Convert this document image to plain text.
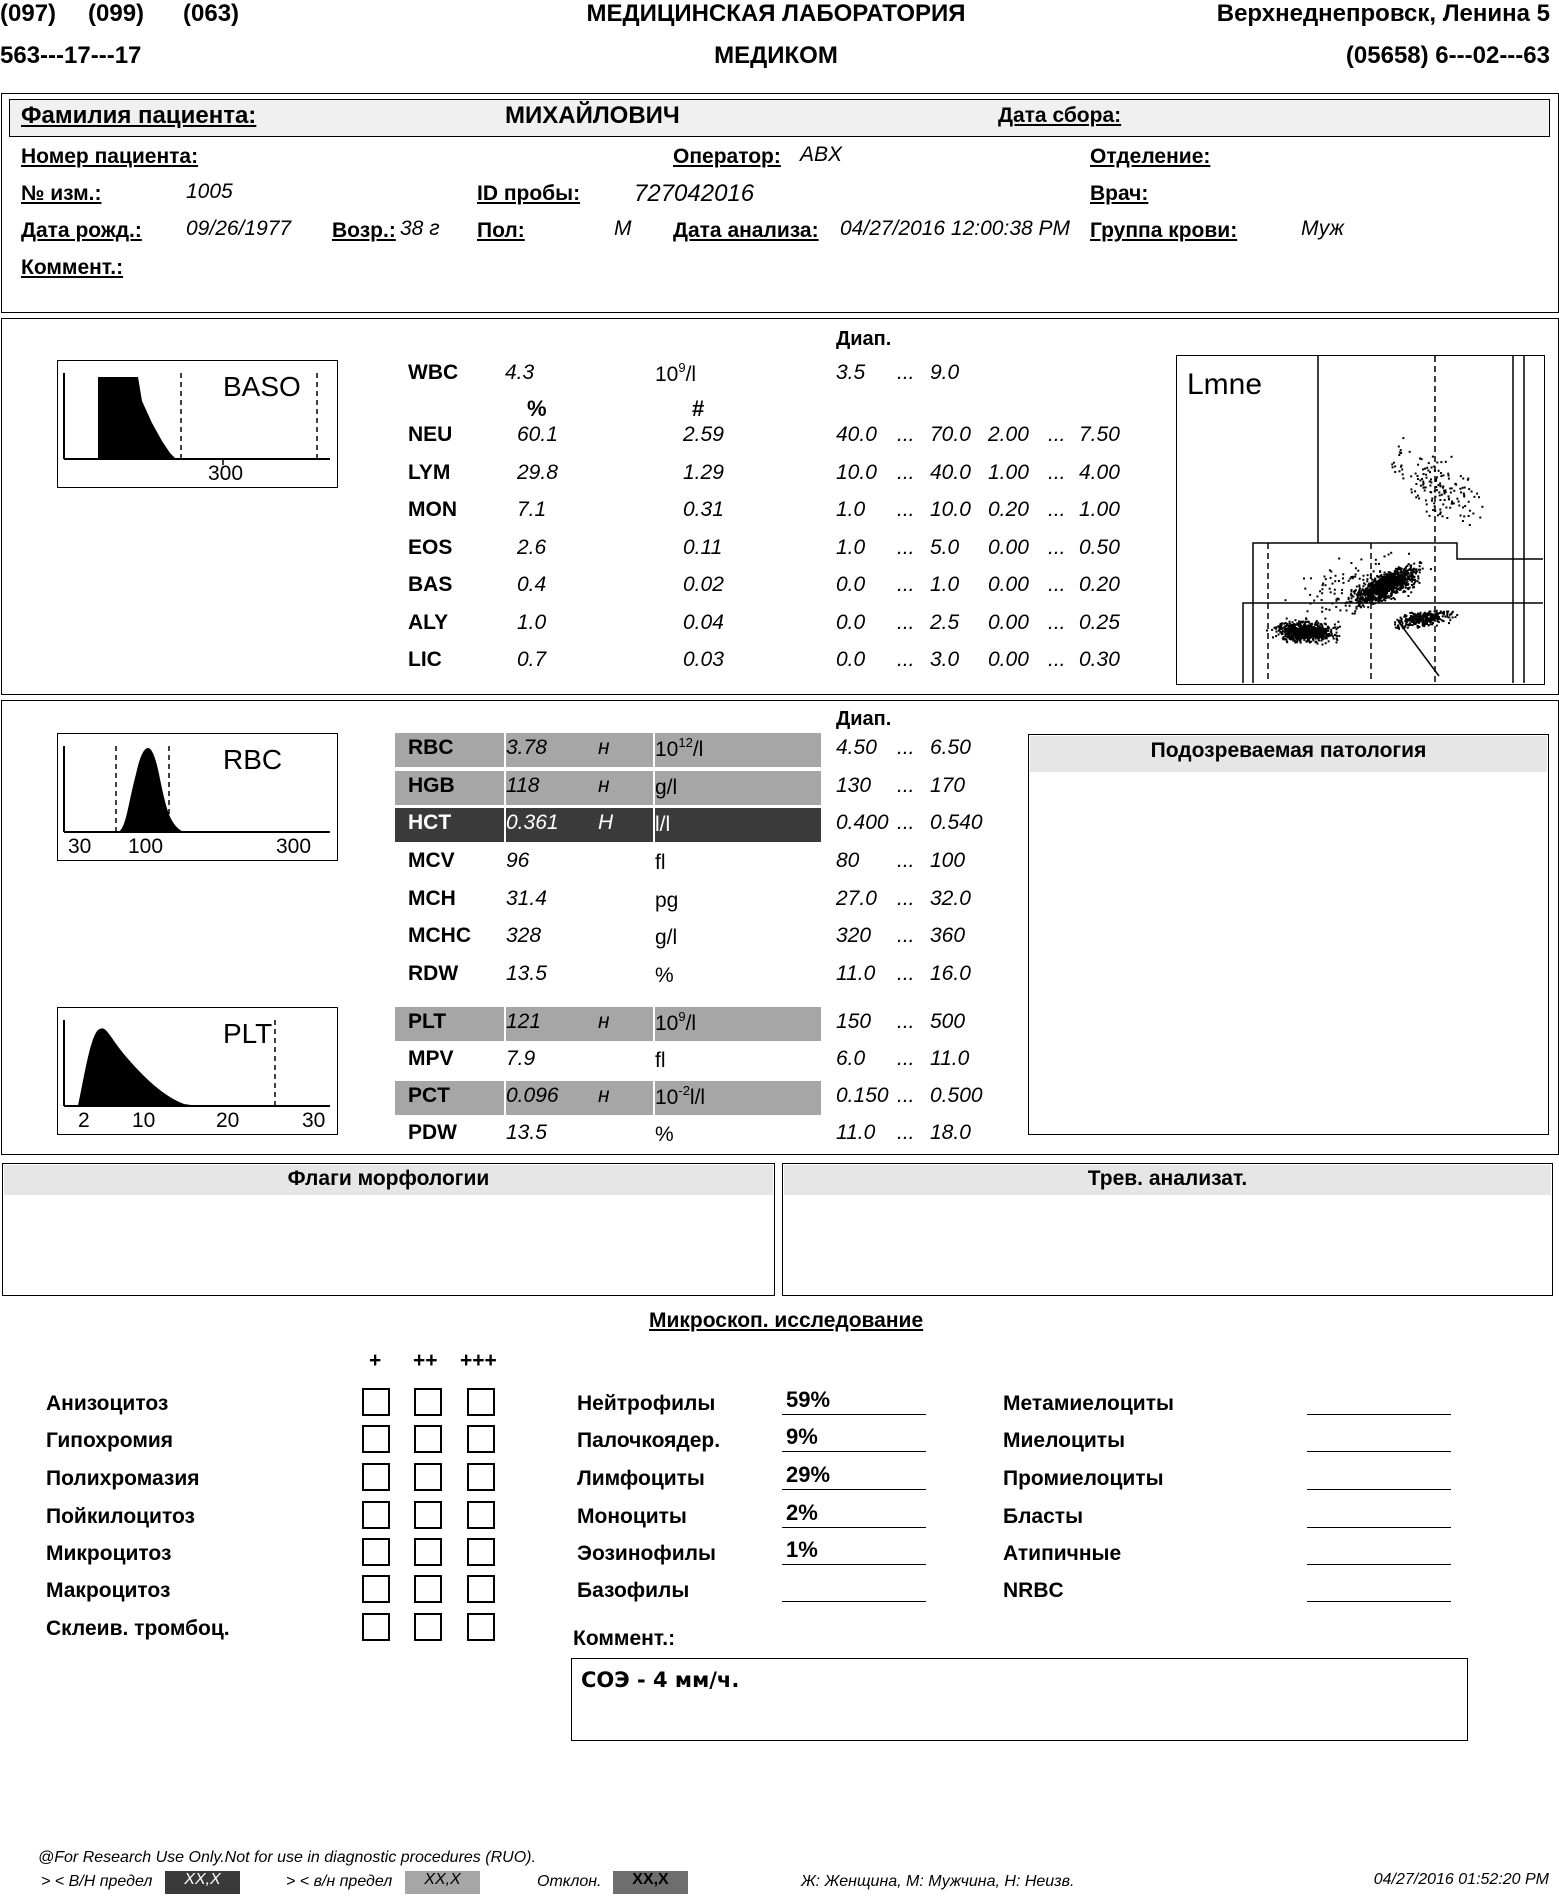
(097) (099) (063)
563---17---17
МЕДИЦИНСКАЯ ЛАБОРАТОРИЯ
МЕДИКОМ
Верхнеднепровск, Ленина 5
(05658) 6---02---63
Фамилия пациента:	МИХАЙЛОВИЧ	Дата сбора:
Номер пациента:	Оператор: ABX	Отделение:
№ изм.:	1005	ID пробы: 727042016	Врач:
Дата рожд.: 09/26/1977 Возр.: 38 г Пол:	М Дата анализа: 04/27/2016 12:00:38 PM Группа крови:	Муж
Коммент.:
Диап.
BASO
300
WBC 4.3	$10^9/l$	3.5 ... 9.0
%	#
NEU	60.1	2.59	40.0 ... 70.0 2.00 ... 7.50
LYM	29.8	1.29	10.0 ... 40.0 1.00 ... 4.00
MON	7.1	0.31	1.0 ... 10.0 0.20 ... 1.00
EOS	2.6	0.11	1.0 ... 5.0 0.00 ... 0.50
BAS	0.4	0.02	0.0 ... 1.0 0.00 ... 0.20
ALY	1.0	0.04	0.0 ... 2.5 0.00 ... 0.25
LIC	0.7	0.03	0.0 ... 3.0 0.00 ... 0.30
Lmne
Диап.
RBC
30 100	300
PLT
2 10	20	30
RBC	3.78 н $10^{12}/l$	4.50 ... 6.50
HGB 118	н g/l	130 ... 170
HCT	0.361 Н l/l	0.400 ... 0.540
MCV 96	fl	80 ... 100
MCH 31.4	pg	27.0 ... 32.0
MCHC 328	g/l	320 ... 360
RDW 13.5	%	11.0 ... 16.0
PLT	121	н $10^9/l$	150 ... 500
MPV 7.9	fl	6.0 ... 11.0
PCT	0.096 н $10^{-2}l/l$	0.150 ... 0.500
PDW 13.5	%	11.0 ... 18.0
Подозреваемая патология
Флаги морфологии	Трев. анализат.
Микроскоп. исследование
+ ++ +++
Анизоцитоз
Гипохромия
Полихромазия
Пойкилоцитоз
Микроцитоз
Макроцитоз
Склеив. тромбоц.
Нейтрофилы	59%
Палочкоядер.	9%
Лимфоциты	29%
Моноциты	2%
Эозинофилы	1%
Базофилы
Метамиелоциты
Миелоциты
Промиелоциты
Бласты
Атипичные
NRBC
Коммент.:
СОЭ - 4 мм/ч.
@For Research Use Only.Not for use in diagnostic procedures (RUO).
> < В/Н предел	XX,X	> < в/н предел	XX,X	Отклон.	XX,X	Ж: Женщина, М: Мужчина, Н: Неизв.	04/27/2016 01:52:20 PM
